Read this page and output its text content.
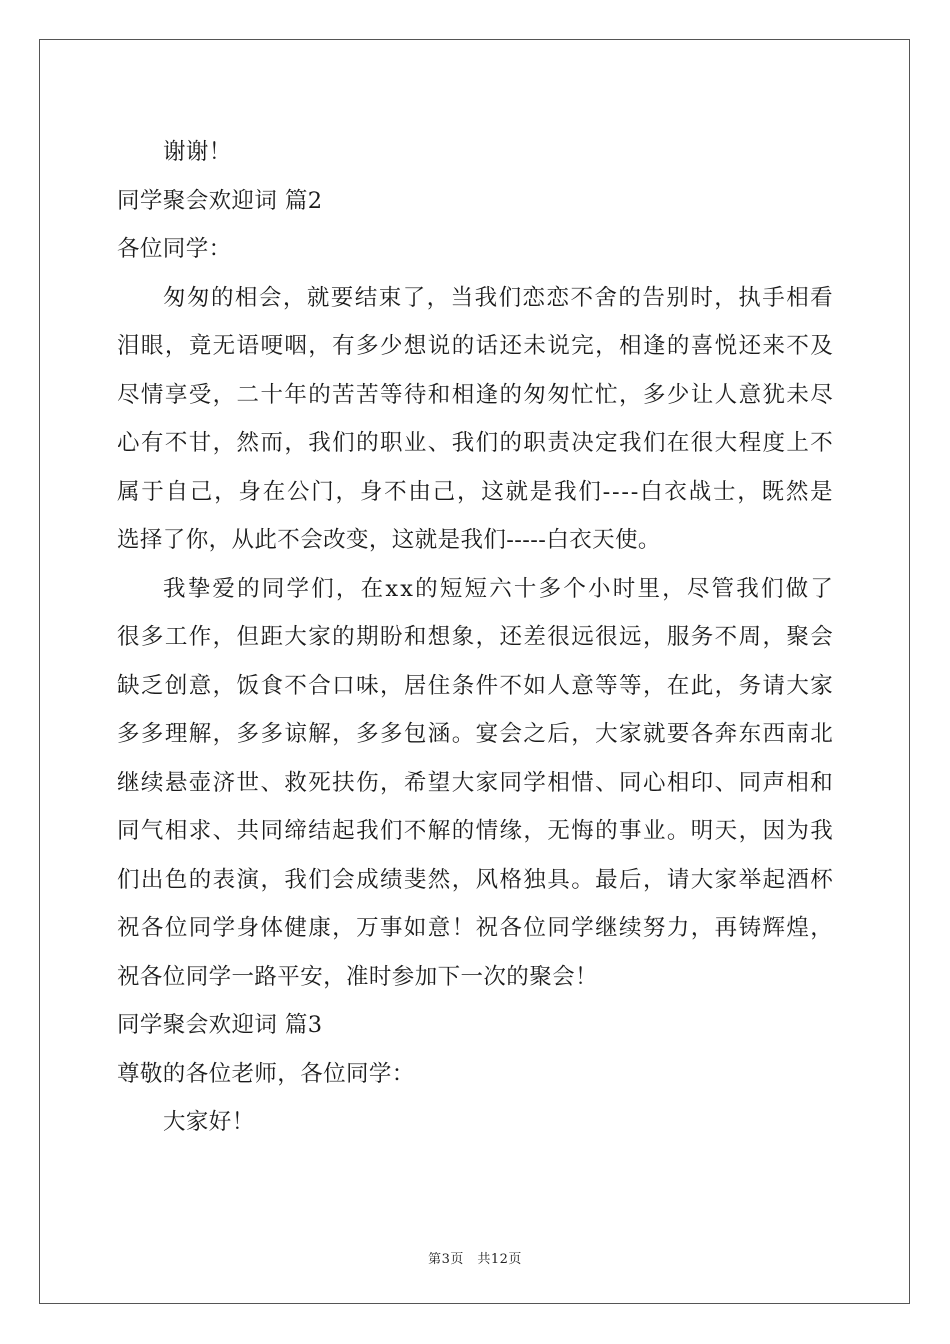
谢谢！
同学聚会欢迎词 篇2
各位同学：
匆 匆 的 相 会 ， 就 要 结 束 了 ， 当 我 们 恋 恋 不 舍 的 告 别 时 ， 执 手 相 看
泪 眼 ， 竟 无 语 哽 咽 ， 有 多 少 想 说 的 话 还 未 说 完 ， 相 逢 的 喜 悦 还 来 不 及
尽 情 享 受 ， 二 十 年 的 苦 苦 等 待 和 相 逢 的 匆 匆 忙 忙 ， 多 少 让 人 意 犹 未 尽
心 有 不 甘 ， 然 而 ， 我 们 的 职 业 、 我 们 的 职 责 决 定 我 们 在 很 大 程 度 上 不
属 于 自 己 ， 身 在 公 门 ， 身 不 由 己 ， 这 就 是 我 们 - - - - 白 衣 战 士 ， 既 然 是
选择了你，从此不会改变，这就是我们-----白衣天使。
我 挚 爱 的 同 学 们 ， 在 x x 的 短 短 六 十 多 个 小 时 里 ， 尽 管 我 们 做 了
很 多 工 作 ， 但 距 大 家 的 期 盼 和 想 象 ， 还 差 很 远 很 远 ， 服 务 不 周 ， 聚 会
缺 乏 创 意 ， 饭 食 不 合 口 味 ， 居 住 条 件 不 如 人 意 等 等 ， 在 此 ， 务 请 大 家
多 多 理 解 ， 多 多 谅 解 ， 多 多 包 涵 。 宴 会 之 后 ， 大 家 就 要 各 奔 东 西 南 北
继 续 悬 壶 济 世 、 救 死 扶 伤 ， 希 望 大 家 同 学 相 惜 、 同 心 相 印 、 同 声 相 和
同 气 相 求 、 共 同 缔 结 起 我 们 不 解 的 情 缘 ， 无 悔 的 事 业 。 明 天 ， 因 为 我
们 出 色 的 表 演 ， 我 们 会 成 绩 斐 然 ， 风 格 独 具 。 最 后 ， 请 大 家 举 起 酒 杯
祝 各 位 同 学 身 体 健 康 ， 万 事 如 意 ！ 祝 各 位 同 学 继 续 努 力 ， 再 铸 辉 煌 ，
祝各位同学一路平安，准时参加下一次的聚会！
同学聚会欢迎词 篇3
尊敬的各位老师，各位同学：
大家好！
第3页　共12页
